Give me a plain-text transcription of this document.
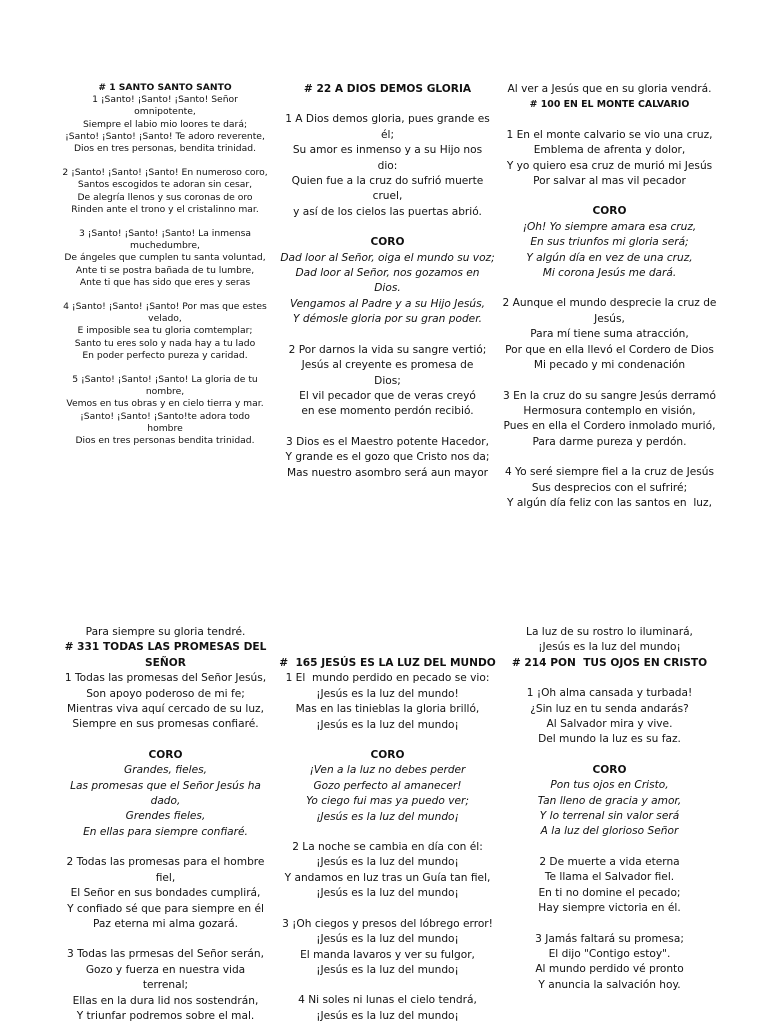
# 1 SANTO SANTO SANTO
1 ¡Santo! ¡Santo! ¡Santo! Señor
omnipotente,
Siempre el labio mio loores te dará;
¡Santo! ¡Santo! ¡Santo! Te adoro reverente,
Dios en tres personas, bendita trinidad.
2 ¡Santo! ¡Santo! ¡Santo! En numeroso coro,
Santos escogidos te adoran sin cesar,
De alegría llenos y sus coronas de oro
Rinden ante el trono y el cristalinno mar.
3 ¡Santo! ¡Santo! ¡Santo! La inmensa
muchedumbre,
De ángeles que cumplen tu santa voluntad,
Ante ti se postra bañada de tu lumbre,
Ante ti que has sido que eres y seras
4 ¡Santo! ¡Santo! ¡Santo! Por mas que estes
velado,
E imposible sea tu gloria comtemplar;
Santo tu eres solo y nada hay a tu lado
En poder perfecto pureza y caridad.
5 ¡Santo! ¡Santo! ¡Santo! La gloria de tu
nombre,
Vemos en tus obras y en cielo tierra y mar.
¡Santo! ¡Santo! ¡Santo!te adora todo
hombre
Dios en tres personas bendita trinidad.
# 22 A DIOS DEMOS GLORIA
1 A Dios demos gloria, pues grande es
él;
Su amor es inmenso y a su Hijo nos
dio:
Quien fue a la cruz do sufrió muerte
cruel,
y así de los cielos las puertas abrió.
CORO
Dad loor al Señor, oiga el mundo su voz;
Dad loor al Señor, nos gozamos en
Dios.
Vengamos al Padre y a su Hijo Jesús,
Y démosle gloria por su gran poder.
2 Por darnos la vida su sangre vertió;
Jesús al creyente es promesa de
Dios;
El vil pecador que de veras creyó
en ese momento perdón recibió.
3 Dios es el Maestro potente Hacedor,
Y grande es el gozo que Cristo nos da;
Mas nuestro asombro será aun mayor
Al ver a Jesús que en su gloria vendrá.
# 100 EN EL MONTE CALVARIO
1 En el monte calvario se vio una cruz,
Emblema de afrenta y dolor,
Y yo quiero esa cruz de murió mi Jesús
Por salvar al mas vil pecador
CORO
¡Oh! Yo siempre amara esa cruz,
En sus triunfos mi gloria será;
Y algún día en vez de una cruz,
Mi corona Jesús me dará.
2 Aunque el mundo desprecie la cruz de
Jesús,
Para mí tiene suma atracción,
Por que en ella llevó el Cordero de Dios
Mi pecado y mi condenación
3 En la cruz do su sangre Jesús derramó
Hermosura contemplo en visión,
Pues en ella el Cordero inmolado murió,
Para darme pureza y perdón.
4 Yo seré siempre fiel a la cruz de Jesús
Sus desprecios con el sufriré;
Y algún día feliz con las santos en  luz,
Para siempre su gloria tendré.
# 331 TODAS LAS PROMESAS DEL
SEÑOR
1 Todas las promesas del Señor Jesús,
Son apoyo poderoso de mi fe;
Mientras viva aquí cercado de su luz,
Siempre en sus promesas confiaré.
CORO
Grandes, fieles,
Las promesas que el Señor Jesús ha
dado,
Grendes fieles,
En ellas para siempre confiaré.
2 Todas las promesas para el hombre
fiel,
El Señor en sus bondades cumplirá,
Y confiado sé que para siempre en él
Paz eterna mi alma gozará.
3 Todas las prmesas del Señor serán,
Gozo y fuerza en nuestra vida
terrenal;
Ellas en la dura lid nos sostendrán,
Y triunfar podremos sobre el mal.
#  165 JESÚS ES LA LUZ DEL MUNDO
1 El  mundo perdido en pecado se vio:
¡Jesús es la luz del mundo!
Mas en las tinieblas la gloria brilló,
¡Jesús es la luz del mundo¡
CORO
¡Ven a la luz no debes perder
Gozo perfecto al amanecer!
Yo ciego fui mas ya puedo ver;
¡Jesús es la luz del mundo¡
2 La noche se cambia en día con él:
¡Jesús es la luz del mundo¡
Y andamos en luz tras un Guía tan fiel,
¡Jesús es la luz del mundo¡
3 ¡Oh ciegos y presos del lóbrego error!
¡Jesús es la luz del mundo¡
El manda lavaros y ver su fulgor,
¡Jesús es la luz del mundo¡
4 Ni soles ni lunas el cielo tendrá,
¡Jesús es la luz del mundo¡
La luz de su rostro lo iluminará,
¡Jesús es la luz del mundo¡
# 214 PON  TUS OJOS EN CRISTO
1 ¡Oh alma cansada y turbada!
¿Sin luz en tu senda andarás?
Al Salvador mira y vive.
Del mundo la luz es su faz.
CORO
Pon tus ojos en Cristo,
Tan lleno de gracia y amor,
Y lo terrenal sin valor será
A la luz del glorioso Señor
2 De muerte a vida eterna
Te llama el Salvador fiel.
En ti no domine el pecado;
Hay siempre victoria en él.
3 Jamás faltará su promesa;
El dijo "Contigo estoy".
Al mundo perdido vé pronto
Y anuncia la salvación hoy.
